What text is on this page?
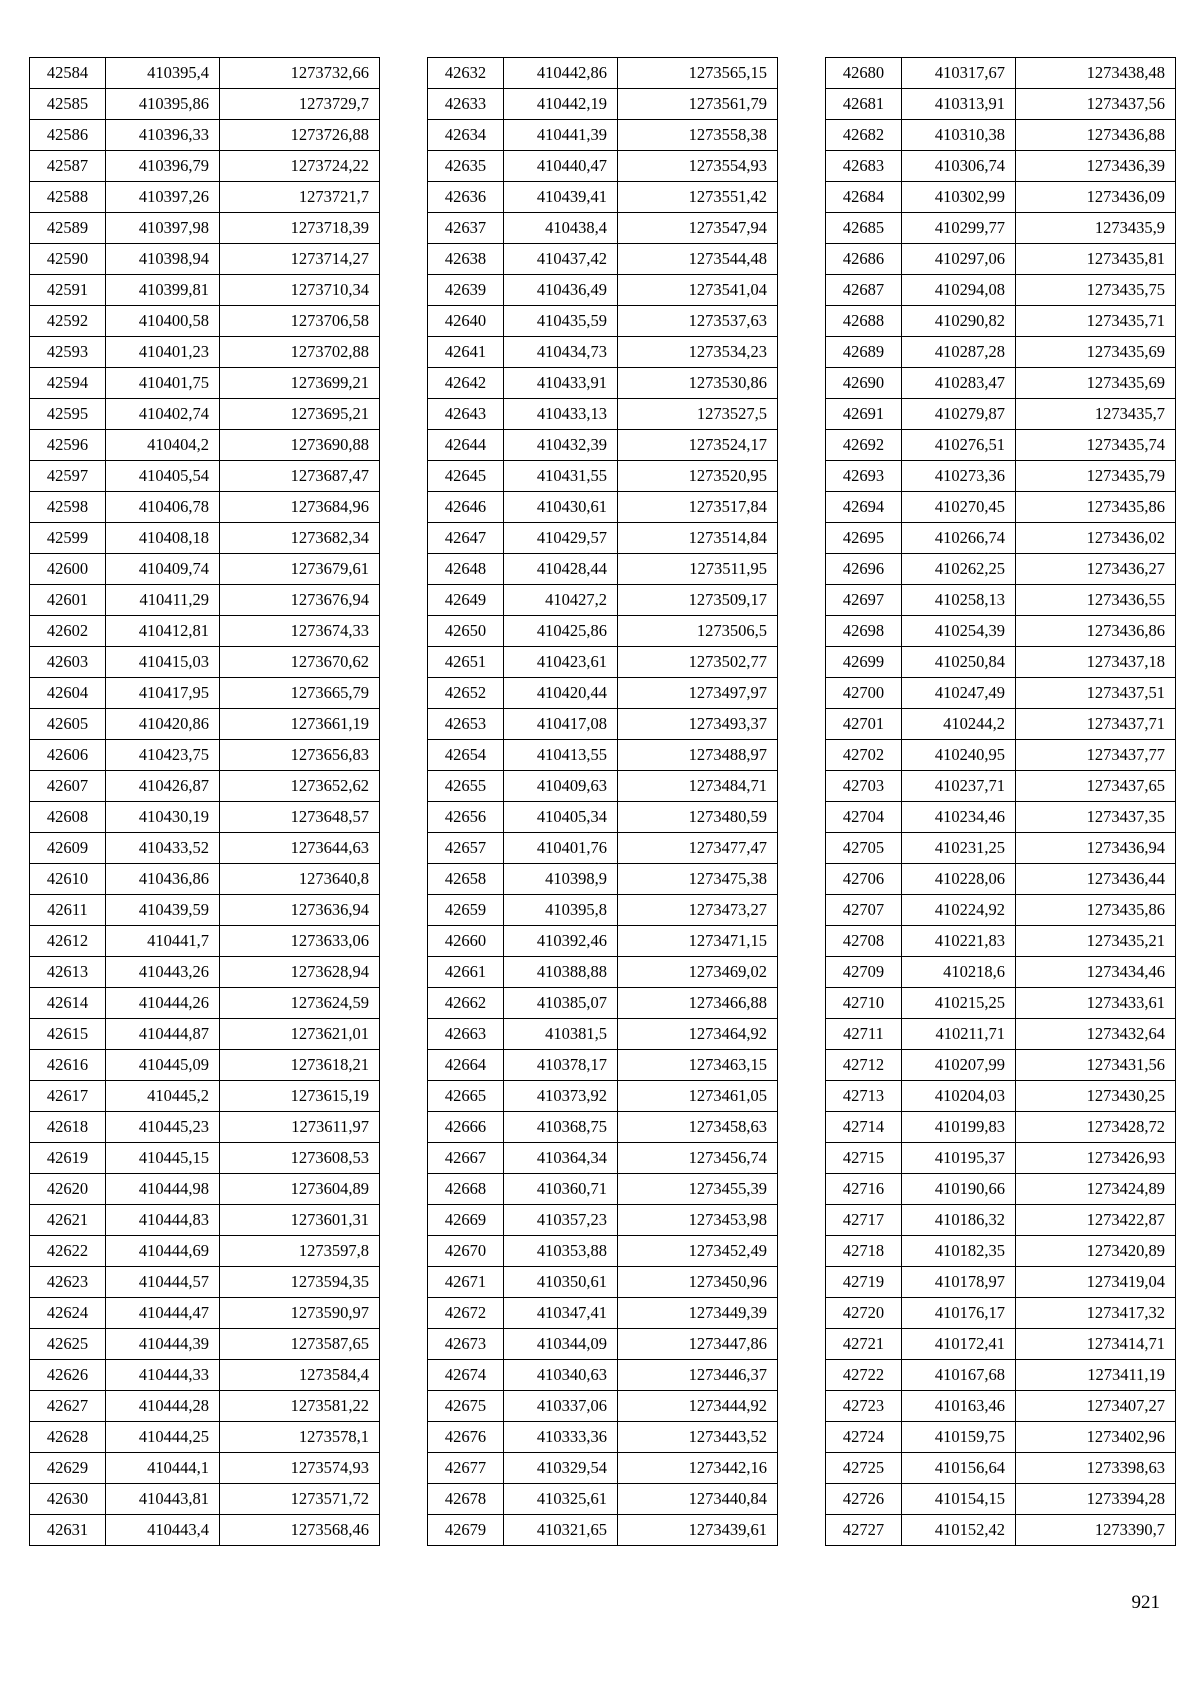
42584	410395,4	1273732,66
42585	410395,86	1273729,7
42586	410396,33	1273726,88
42587	410396,79	1273724,22
42588	410397,26	1273721,7
42589	410397,98	1273718,39
42590	410398,94	1273714,27
42591	410399,81	1273710,34
42592	410400,58	1273706,58
42593	410401,23	1273702,88
42594	410401,75	1273699,21
42595	410402,74	1273695,21
42596	410404,2	1273690,88
42597	410405,54	1273687,47
42598	410406,78	1273684,96
42599	410408,18	1273682,34
42600	410409,74	1273679,61
42601	410411,29	1273676,94
42602	410412,81	1273674,33
42603	410415,03	1273670,62
42604	410417,95	1273665,79
42605	410420,86	1273661,19
42606	410423,75	1273656,83
42607	410426,87	1273652,62
42608	410430,19	1273648,57
42609	410433,52	1273644,63
42610	410436,86	1273640,8
42611	410439,59	1273636,94
42612	410441,7	1273633,06
42613	410443,26	1273628,94
42614	410444,26	1273624,59
42615	410444,87	1273621,01
42616	410445,09	1273618,21
42617	410445,2	1273615,19
42618	410445,23	1273611,97
42619	410445,15	1273608,53
42620	410444,98	1273604,89
42621	410444,83	1273601,31
42622	410444,69	1273597,8
42623	410444,57	1273594,35
42624	410444,47	1273590,97
42625	410444,39	1273587,65
42626	410444,33	1273584,4
42627	410444,28	1273581,22
42628	410444,25	1273578,1
42629	410444,1	1273574,93
42630	410443,81	1273571,72
42631	410443,4	1273568,46
42632	410442,86	1273565,15
42633	410442,19	1273561,79
42634	410441,39	1273558,38
42635	410440,47	1273554,93
42636	410439,41	1273551,42
42637	410438,4	1273547,94
42638	410437,42	1273544,48
42639	410436,49	1273541,04
42640	410435,59	1273537,63
42641	410434,73	1273534,23
42642	410433,91	1273530,86
42643	410433,13	1273527,5
42644	410432,39	1273524,17
42645	410431,55	1273520,95
42646	410430,61	1273517,84
42647	410429,57	1273514,84
42648	410428,44	1273511,95
42649	410427,2	1273509,17
42650	410425,86	1273506,5
42651	410423,61	1273502,77
42652	410420,44	1273497,97
42653	410417,08	1273493,37
42654	410413,55	1273488,97
42655	410409,63	1273484,71
42656	410405,34	1273480,59
42657	410401,76	1273477,47
42658	410398,9	1273475,38
42659	410395,8	1273473,27
42660	410392,46	1273471,15
42661	410388,88	1273469,02
42662	410385,07	1273466,88
42663	410381,5	1273464,92
42664	410378,17	1273463,15
42665	410373,92	1273461,05
42666	410368,75	1273458,63
42667	410364,34	1273456,74
42668	410360,71	1273455,39
42669	410357,23	1273453,98
42670	410353,88	1273452,49
42671	410350,61	1273450,96
42672	410347,41	1273449,39
42673	410344,09	1273447,86
42674	410340,63	1273446,37
42675	410337,06	1273444,92
42676	410333,36	1273443,52
42677	410329,54	1273442,16
42678	410325,61	1273440,84
42679	410321,65	1273439,61
42680	410317,67	1273438,48
42681	410313,91	1273437,56
42682	410310,38	1273436,88
42683	410306,74	1273436,39
42684	410302,99	1273436,09
42685	410299,77	1273435,9
42686	410297,06	1273435,81
42687	410294,08	1273435,75
42688	410290,82	1273435,71
42689	410287,28	1273435,69
42690	410283,47	1273435,69
42691	410279,87	1273435,7
42692	410276,51	1273435,74
42693	410273,36	1273435,79
42694	410270,45	1273435,86
42695	410266,74	1273436,02
42696	410262,25	1273436,27
42697	410258,13	1273436,55
42698	410254,39	1273436,86
42699	410250,84	1273437,18
42700	410247,49	1273437,51
42701	410244,2	1273437,71
42702	410240,95	1273437,77
42703	410237,71	1273437,65
42704	410234,46	1273437,35
42705	410231,25	1273436,94
42706	410228,06	1273436,44
42707	410224,92	1273435,86
42708	410221,83	1273435,21
42709	410218,6	1273434,46
42710	410215,25	1273433,61
42711	410211,71	1273432,64
42712	410207,99	1273431,56
42713	410204,03	1273430,25
42714	410199,83	1273428,72
42715	410195,37	1273426,93
42716	410190,66	1273424,89
42717	410186,32	1273422,87
42718	410182,35	1273420,89
42719	410178,97	1273419,04
42720	410176,17	1273417,32
42721	410172,41	1273414,71
42722	410167,68	1273411,19
42723	410163,46	1273407,27
42724	410159,75	1273402,96
42725	410156,64	1273398,63
42726	410154,15	1273394,28
42727	410152,42	1273390,7
921
